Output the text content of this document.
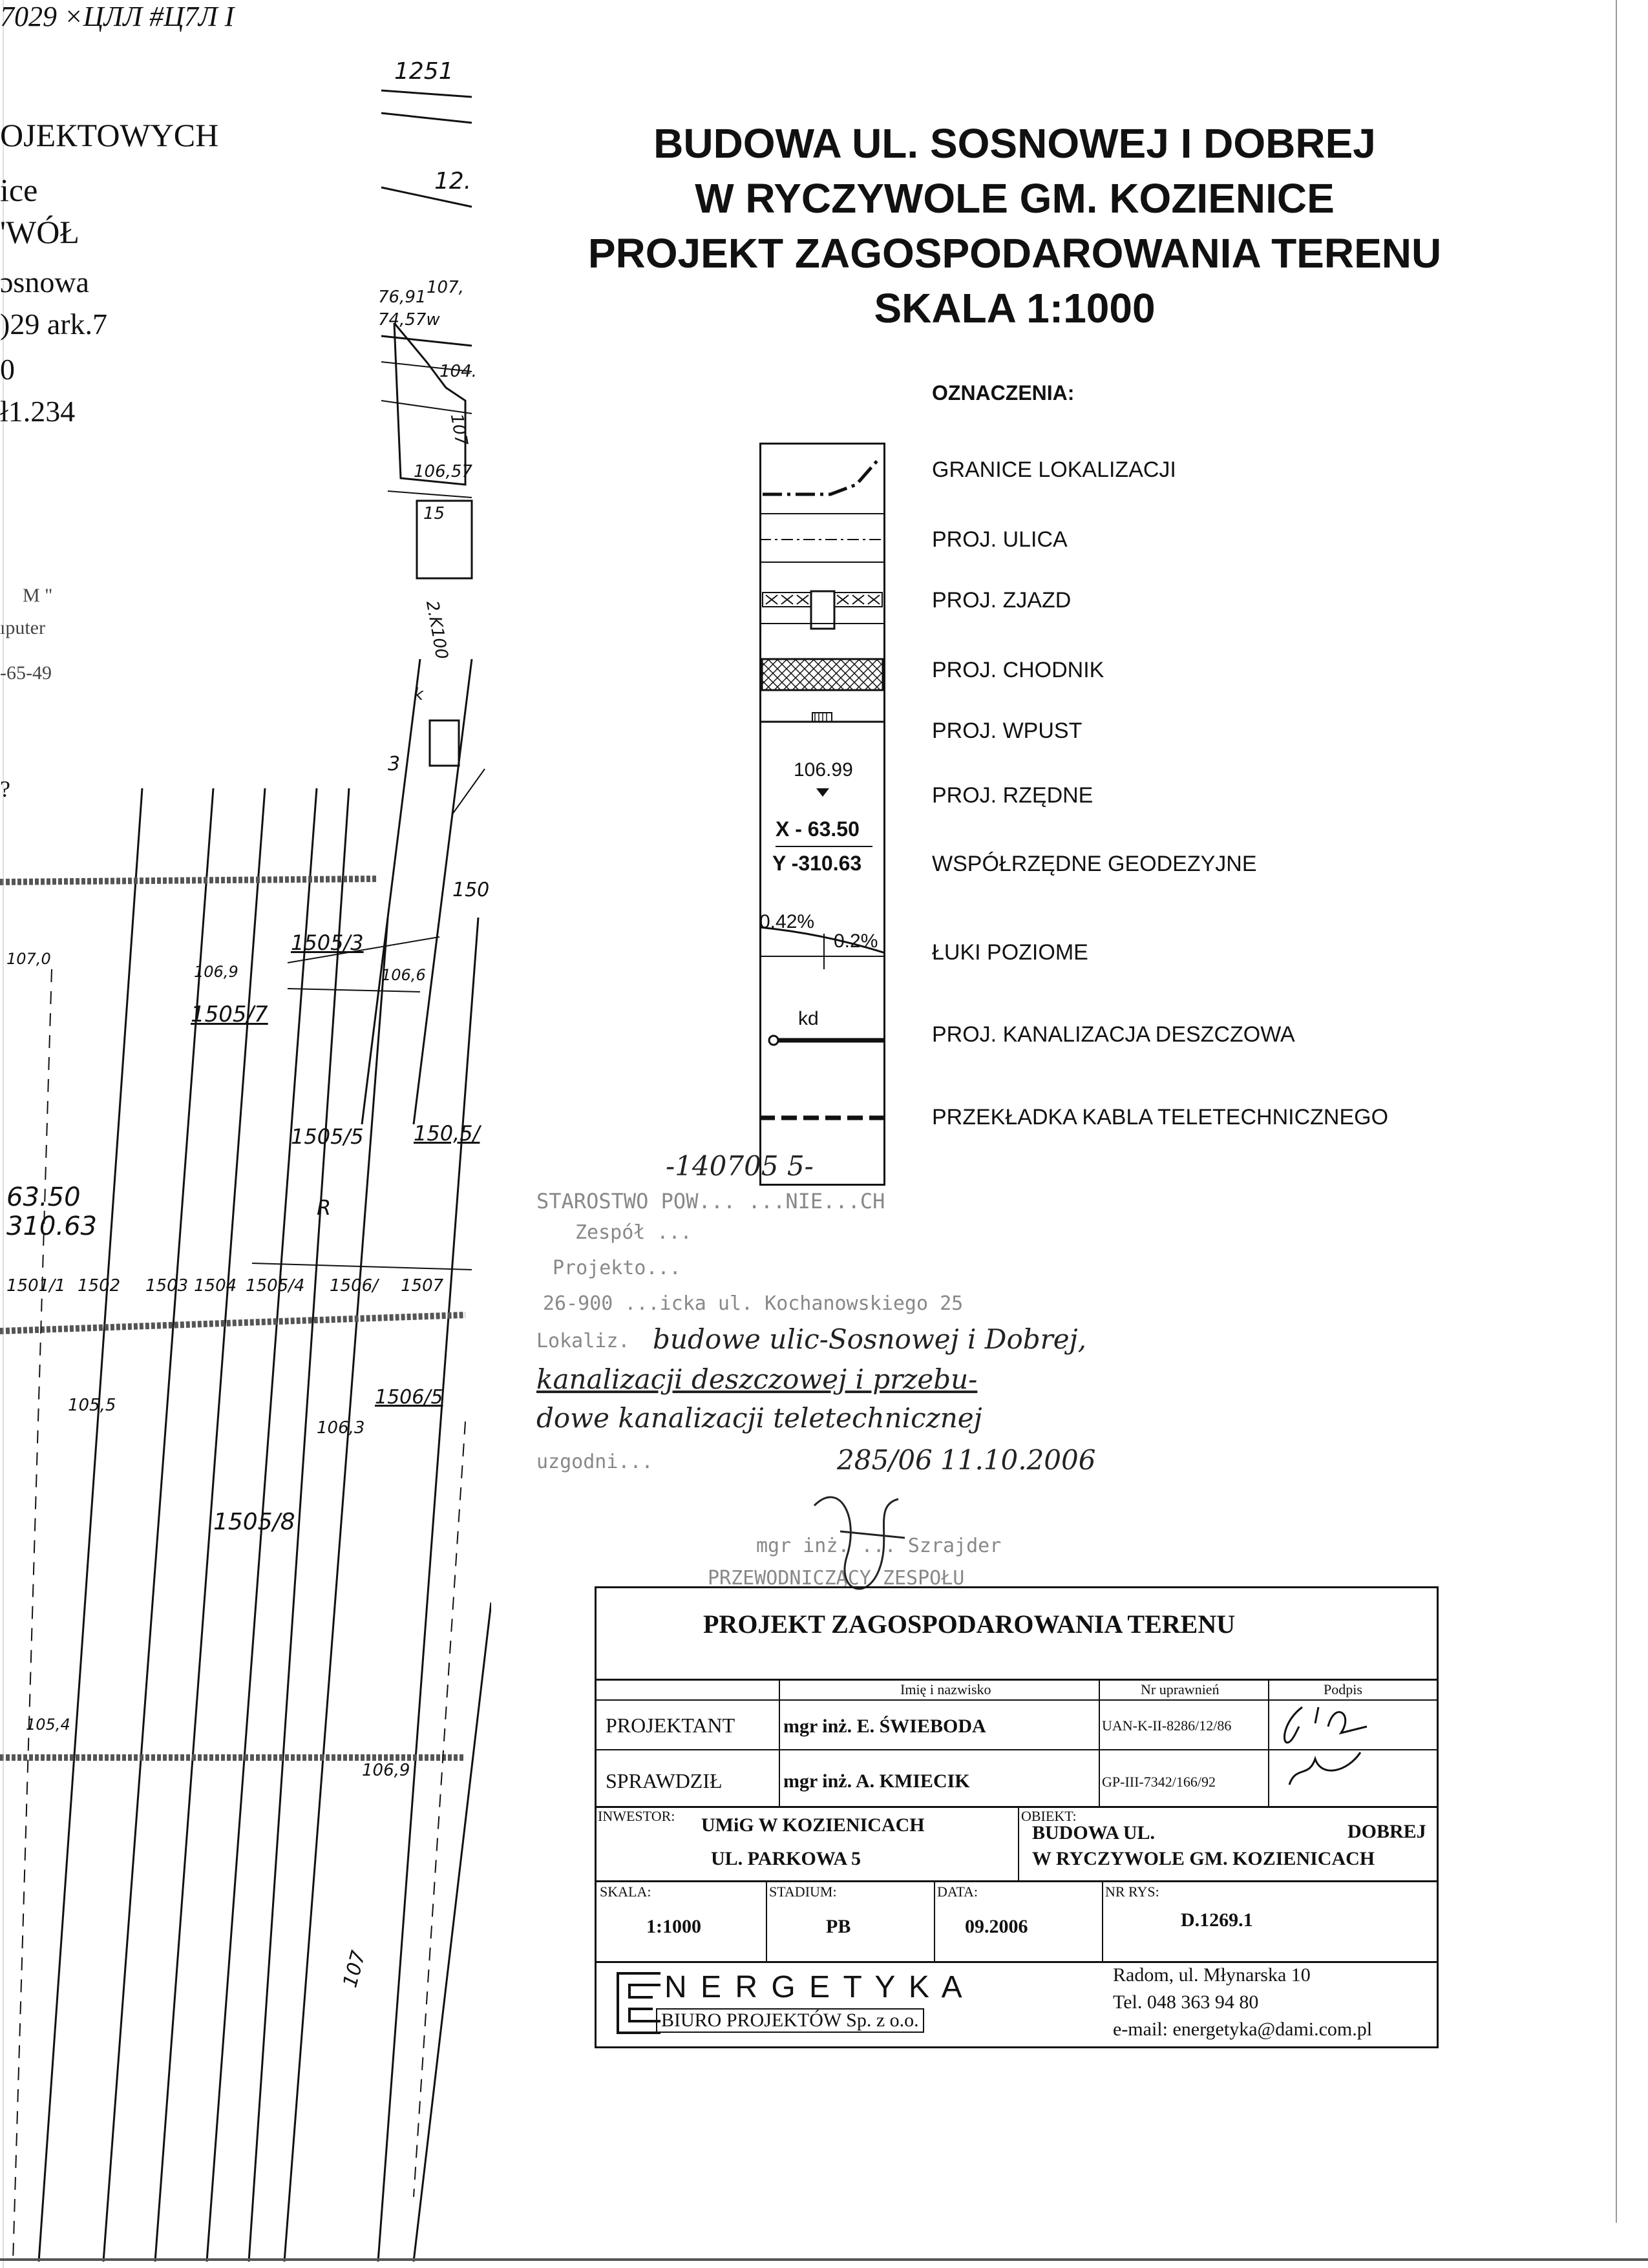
7029 ×ЦЛЛ #Ц7Л I
1251
12.
ОЈЕКТОWYCH
ice
'WÓŁ
ɔsnowa
)29 ark.7
0
ł1.234
M "
ıputer
-65-49
?
107,
76,91
74,57w
104.
107
106,57
15
2.K100
k
3
150
107,0
106,9
1505/3
106,6
1505/7
1505/5 150,5/
R
63.50
310.63
1501/1 1502 1503 1504 1505/4 1506/ 1507
1506/5
105,5
106,3
1505/8
105,4
106,9
107
BUDOWA UL. SOSNOWEJ I DOBREJ
W RYCZYWOLE GM. KOZIENICE
PROJEKT ZAGOSPODAROWANIA TERENU
SKALA 1:1000
OZNACZENIA:
106.99
X - 63.50
Y -310.63
0.42%
0.2%
kd
GRANICE LOKALIZACJI
PROJ. ULICA
PROJ. ZJAZD
PROJ. CHODNIK
PROJ. WPUST
PROJ. RZĘDNE
WSPÓŁRZĘDNE GEODEZYJNE
ŁUKI POZIOME
PROJ. KANALIZACJA DESZCZOWA
PRZEKŁADKA KABLA TELETECHNICZNEGO
-140705 5-
STAROSTWO POW... ...NIE...CH
Zespół ...
Projekto...
26-900 ...icka ul. Kochanowskiego 25
Lokaliz. budowe ulic-Sosnowej i Dobrej,
kanalizacji deszczowej i przebu-
dowe kanalizacji teletechnicznej
uzgodni...	285/06 11.10.2006
mgr inż. ... Szrajder
PRZEWODNICZĄCY ZESPOŁU
PROJEKT ZAGOSPODAROWANIA TERENU
Imię i nazwisko	Nr uprawnień	Podpis
PROJEKTANT mgr inż. E. ŚWIEBODA	UAN-K-II-8286/12/86
SPRAWDZIŁ	mgr inż. A. KMIECIK	GP-III-7342/166/92
INWESTOR: UMiG W KOZIENICACH
UL. PARKOWA 5
OBIEKT:
BUDOWA UL.	DOBREJ
W RYCZYWOLE GM. KOZIENICACH
SKALA:
1:1000
STADIUM:
PB
DATA:
09.2006
NR RYS:
D.1269.1
N E R G E T Y K A
BIURO PROJEKTÓW Sp. z o.o.
Radom, ul. Młynarska 10
Tel. 048 363 94 80
e-mail: energetyka@dami.com.pl
